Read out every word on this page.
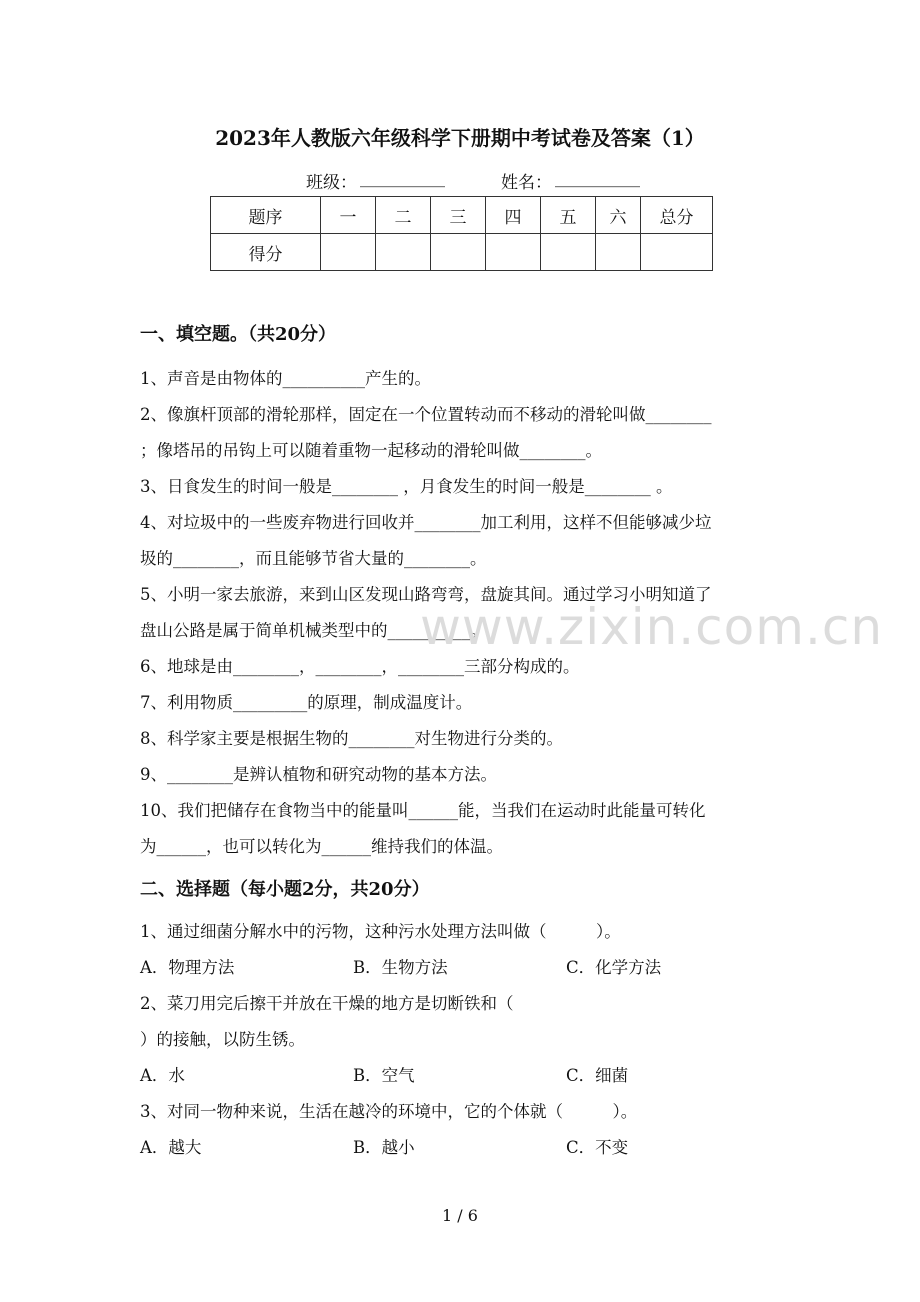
2023年人教版六年级科学下册期中考试卷及答案（1）
班级： __________	姓名： __________
题序	一	二	三	四	五	六	总分
得分							
一、填空题。（共20分）
1、声音是由物体的__________产生的。
2、像旗杆顶部的滑轮那样，固定在一个位置转动而不移动的滑轮叫做________
；像塔吊的吊钩上可以随着重物一起移动的滑轮叫做________。
3、日食发生的时间一般是________ ，月食发生的时间一般是________ 。
4、对垃圾中的一些废弃物进行回收并________加工利用，这样不但能够减少垃
圾的________，而且能够节省大量的________。
5、小明一家去旅游，来到山区发现山路弯弯，盘旋其间。通过学习小明知道了
盘山公路是属于简单机械类型中的__________。
6、地球是由________，________，________三部分构成的。
7、利用物质_________的原理，制成温度计。
8、科学家主要是根据生物的________对生物进行分类的。
9、________是辨认植物和研究动物的基本方法。
10、我们把储存在食物当中的能量叫______能，当我们在运动时此能量可转化
为______，也可以转化为______维持我们的体温。
二、选择题（每小题2分，共20分）
1、通过细菌分解水中的污物，这种污水处理方法叫做（　　　）。
A．物理方法	B．生物方法	C．化学方法
2、菜刀用完后擦干并放在干燥的地方是切断铁和（
）的接触，以防生锈。
A．水	B．空气	C．细菌
3、对同一物种来说，生活在越冷的环境中，它的个体就（　　　）。
A．越大	B．越小	C．不变
www.zixin.com.cn
1 / 6
